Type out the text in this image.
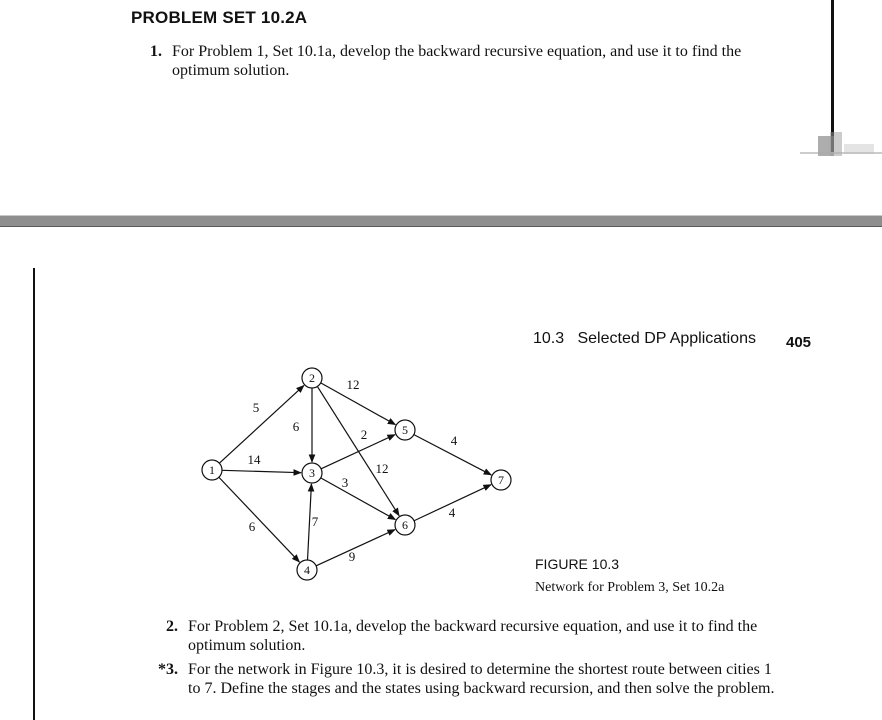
PROBLEM SET 10.2A
1. For Problem 1, Set 10.1a, develop the backward recursive equation, and use it to find the
optimum solution.
10.3   Selected DP Applications 405
5
14
6
6
12
2
3
12
7
9
4
4
1
2
3
4
5
6
7
FIGURE 10.3
Network for Problem 3, Set 10.2a
2. For Problem 2, Set 10.1a, develop the backward recursive equation, and use it to find the
optimum solution.
*3. For the network in Figure 10.3, it is desired to determine the shortest route between cities 1
to 7. Define the stages and the states using backward recursion, and then solve the problem.
